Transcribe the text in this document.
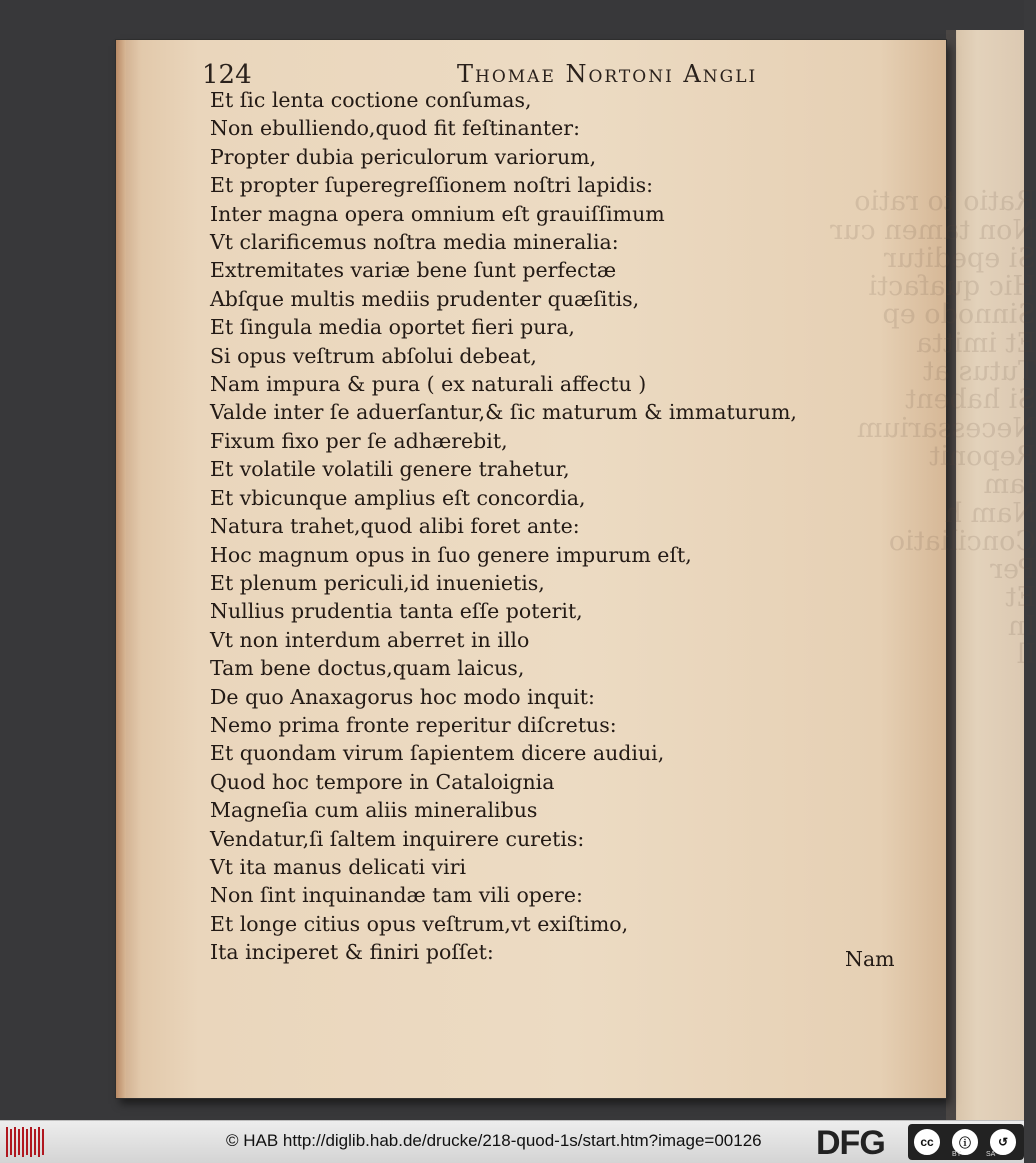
Ratio to ratio
Non tamen cur
Si epeditur
Hic quafacti
Sinnodo ep
Et imitta
Tutus at
Si habent
Necessarium
Reponit
Iam
Nam h
Conciliatio
Per
Et
In
Il

124	Thomae Nortoni Angli
Et ſic lenta coctione conſumas,
Non ebulliendo,quod fit feſtinanter:
Propter dubia periculorum variorum,
Et propter ſuperegreſſionem noſtri lapidis:
Inter magna opera omnium eſt grauiſſimum
Vt clarificemus noſtra media mineralia:
Extremitates variæ bene ſunt perfectæ
Abſque multis mediis prudenter quæſitis,
Et ſingula media oportet fieri pura,
Si opus veſtrum abſolui debeat,
Nam impura & pura ( ex naturali affectu )
Valde inter ſe aduerſantur,& ſic maturum & immaturum,
Fixum fixo per ſe adhærebit,
Et volatile volatili genere trahetur,
Et vbicunque amplius eſt concordia,
Natura trahet,quod alibi foret ante:
Hoc magnum opus in ſuo genere impurum eſt,
Et plenum periculi,id inuenietis,
Nullius prudentia tanta eſſe poterit,
Vt non interdum aberret in illo
Tam bene doctus,quam laicus,
De quo Anaxagorus hoc modo inquit:
Nemo prima fronte reperitur diſcretus:
Et quondam virum ſapientem dicere audiui,
Quod hoc tempore in Cataloignia
Magneſia cum aliis mineralibus
Vendatur,ſi ſaltem inquirere curetis:
Vt ita manus delicati viri
Non ſint inquinandæ tam vili opere:
Et longe citius opus veſtrum,vt exiſtimo,
Ita inciperet & finiri poſſet:	Nam
© HAB http://diglib.hab.de/drucke/218-quod-1s/start.htm?image=00126 DFG	cc	ⓘ	↺
BY	SA
